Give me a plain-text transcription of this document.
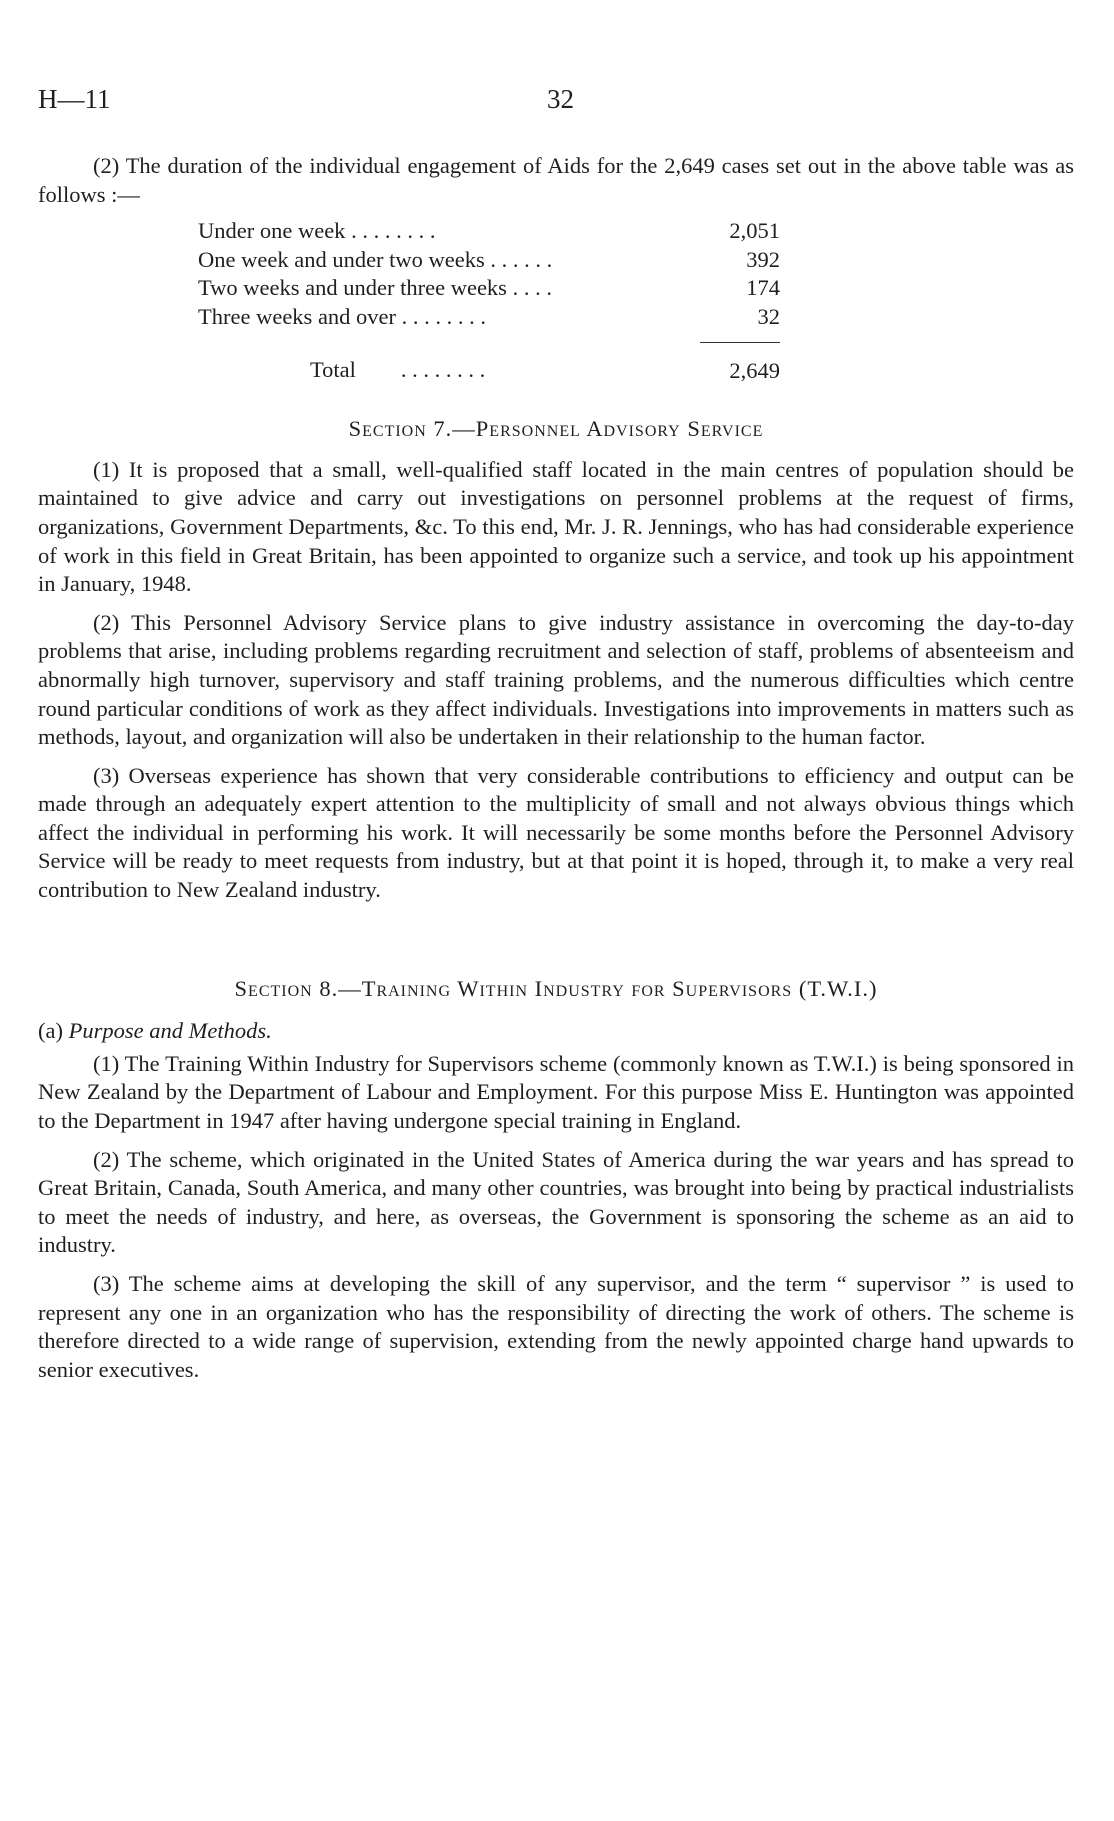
H—11	32

(2) The duration of the individual engagement of Aids for the 2,649 cases set out in the above table was as follows :—

Under one week . . . . . . . .	2,051
One week and under two weeks . . . . . .	392
Two weeks and under three weeks . . . .	174
Three weeks and over . . . . . . . .	32

Total . . . . . . . .	2,649
Section 7.—Personnel Advisory Service

(1) It is proposed that a small, well-qualified staff located in the main centres of population should be maintained to give advice and carry out investigations on personnel problems at the request of firms, organizations, Government Departments, &c. To this end, Mr. J. R. Jennings, who has had considerable experience of work in this field in Great Britain, has been appointed to organize such a service, and took up his appointment in January, 1948.

(2) This Personnel Advisory Service plans to give industry assistance in overcoming the day-to-day problems that arise, including problems regarding recruitment and selection of staff, problems of absenteeism and abnormally high turnover, supervisory and staff training problems, and the numerous difficulties which centre round particular conditions of work as they affect individuals. Investigations into improvements in matters such as methods, layout, and organization will also be undertaken in their relationship to the human factor.

(3) Overseas experience has shown that very considerable contributions to efficiency and output can be made through an adequately expert attention to the multiplicity of small and not always obvious things which affect the individual in performing his work. It will necessarily be some months before the Personnel Advisory Service will be ready to meet requests from industry, but at that point it is hoped, through it, to make a very real contribution to New Zealand industry.

Section 8.—Training Within Industry for Supervisors (T.W.I.)
(a) Purpose and Methods.

(1) The Training Within Industry for Supervisors scheme (commonly known as T.W.I.) is being sponsored in New Zealand by the Department of Labour and Employment. For this purpose Miss E. Huntington was appointed to the Department in 1947 after having undergone special training in England.

(2) The scheme, which originated in the United States of America during the war years and has spread to Great Britain, Canada, South America, and many other countries, was brought into being by practical industrialists to meet the needs of industry, and here, as overseas, the Government is sponsoring the scheme as an aid to industry.

(3) The scheme aims at developing the skill of any supervisor, and the term “ supervisor ” is used to represent any one in an organization who has the responsibility of directing the work of others. The scheme is therefore directed to a wide range of supervision, extending from the newly appointed charge hand upwards to senior executives.
